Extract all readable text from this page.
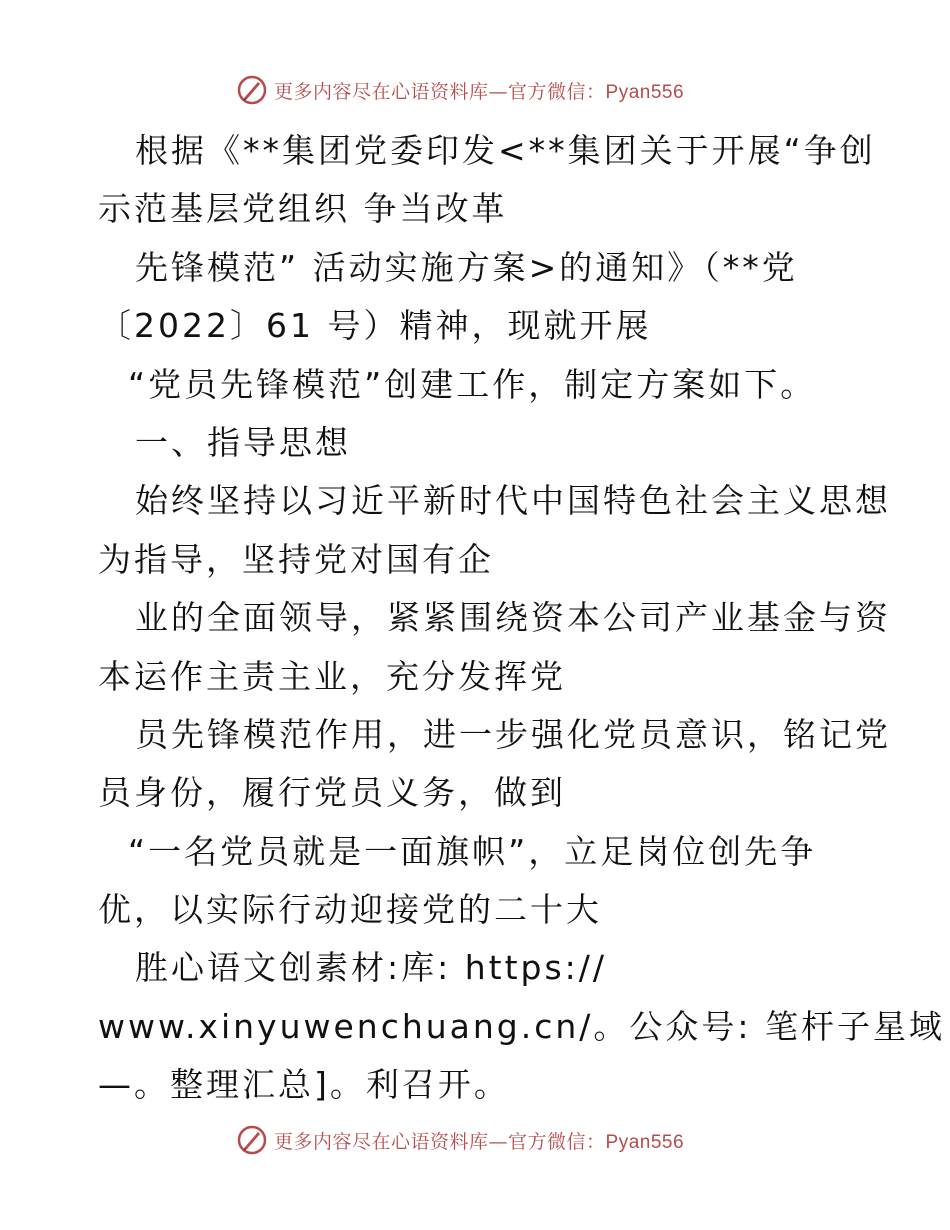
更多内容尽在心语资料库—官方微信：Pyan556
根据《**集团党委印发<**集团关于开展“争创
示范基层党组织 争当改革
先锋模范” 活动实施方案>的通知》（**党
〔2022〕61 号）精神，现就开展
“党员先锋模范”创建工作，制定方案如下。
一、指导思想
始终坚持以习近平新时代中国特色社会主义思想
为指导，坚持党对国有企
业的全面领导，紧紧围绕资本公司产业基金与资
本运作主责主业，充分发挥党
员先锋模范作用，进一步强化党员意识，铭记党
员身份，履行党员义务，做到
“一名党员就是一面旗帜”，立足岗位创先争
优，以实际行动迎接党的二十大
胜心语文创素材:库: https://
www.xinyuwenchuang.cn/。公众号: 笔杆子星域
—。整理汇总]。利召开。
更多内容尽在心语资料库—官方微信：Pyan556
